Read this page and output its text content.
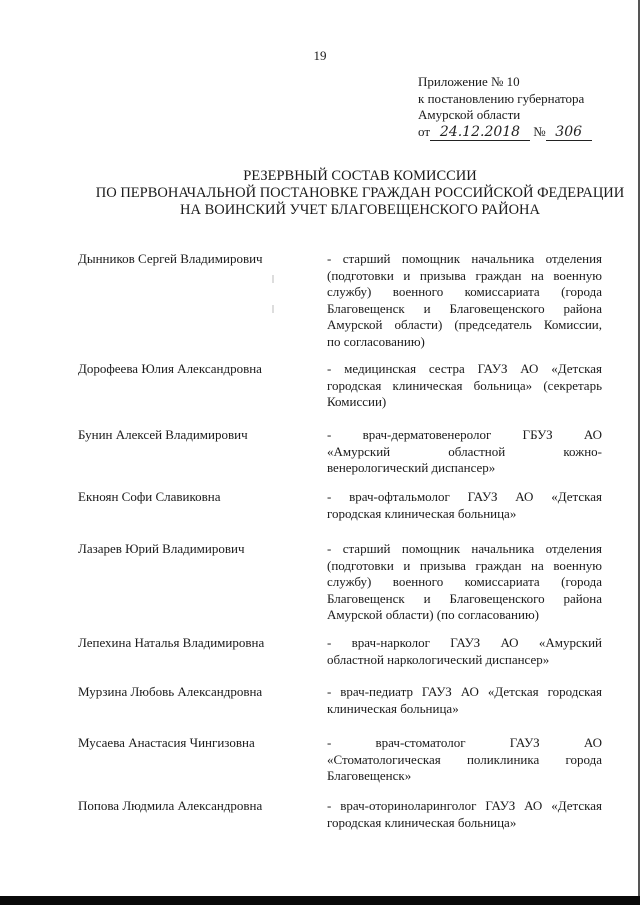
19
Приложение № 10
к постановлению губернатора
Амурской области
от 24.12.2018 № 306
РЕЗЕРВНЫЙ СОСТАВ КОМИССИИ
ПО ПЕРВОНАЧАЛЬНОЙ ПОСТАНОВКЕ ГРАЖДАН РОССИЙСКОЙ ФЕДЕРАЦИИ
НА ВОИНСКИЙ УЧЕТ БЛАГОВЕЩЕНСКОГО РАЙОНА
Дынников Сергей Владимирович	- старший помощник начальника отделения
(подготовки и призыва граждан на военную
службу) военного комиссариата (города
Благовещенск и Благовещенского района
Амурской области) (председатель Комиссии,
по согласованию)
Дорофеева Юлия Александровна	- медицинская сестра ГАУЗ АО «Детская
городская клиническая больница» (секретарь
Комиссии)
Бунин Алексей Владимирович	- врач-дерматовенеролог ГБУЗ АО
«Амурский областной кожно-
венерологический диспансер»
Екноян Софи Славиковна	- врач-офтальмолог ГАУЗ АО «Детская
городская клиническая больница»
Лазарев Юрий Владимирович	- старший помощник начальника отделения
(подготовки и призыва граждан на военную
службу) военного комиссариата (города
Благовещенск и Благовещенского района
Амурской области) (по согласованию)
Лепехина Наталья Владимировна	- врач-нарколог ГАУЗ АО «Амурский
областной наркологический диспансер»
Мурзина Любовь Александровна	- врач-педиатр ГАУЗ АО «Детская городская
клиническая больница»
Мусаева Анастасия Чингизовна	- врач-стоматолог ГАУЗ АО
«Стоматологическая поликлиника города
Благовещенск»
Попова Людмила Александровна	- врач-оториноларинголог ГАУЗ АО «Детская
городская клиническая больница»
